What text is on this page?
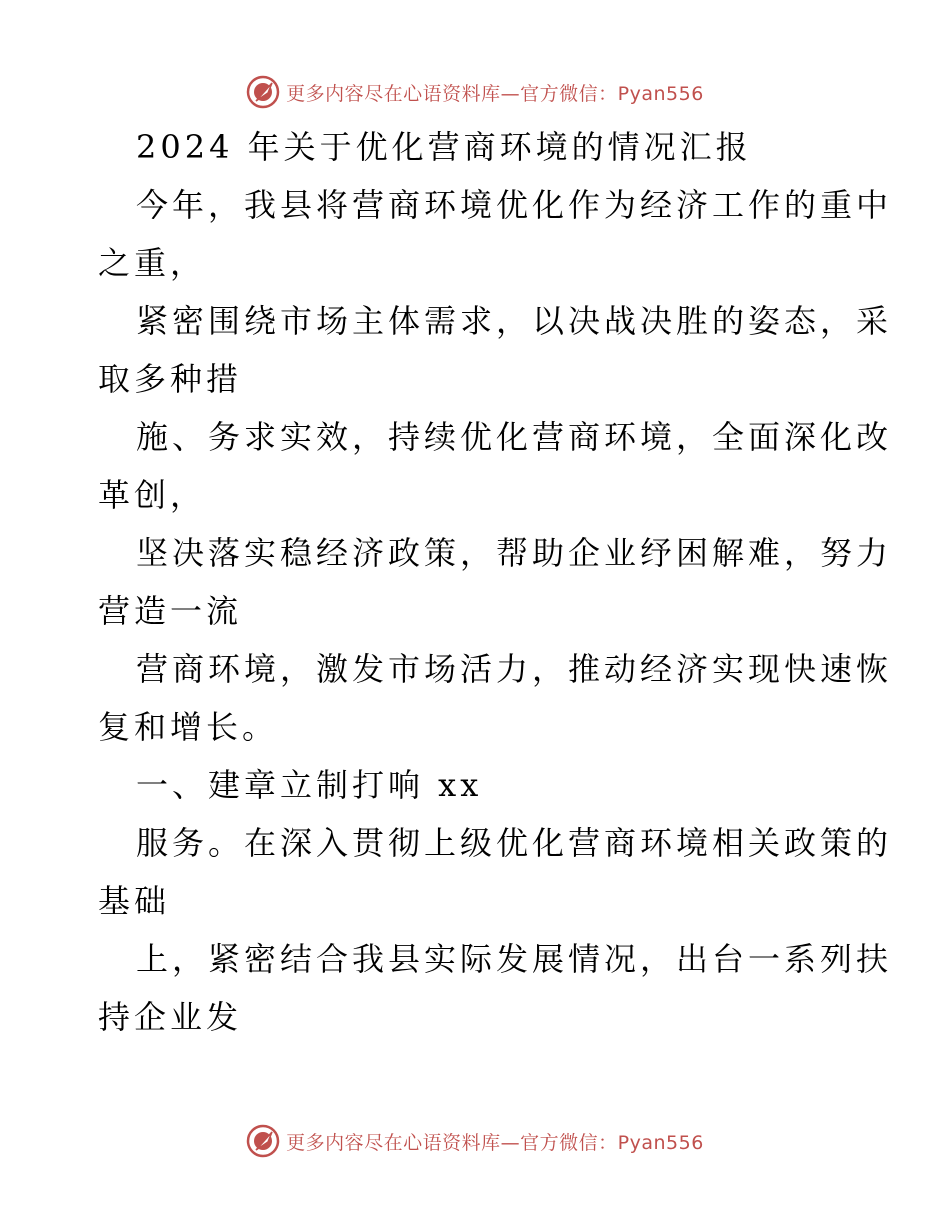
更多内容尽在心语资料库—官方微信：Pyan556
2024 年关于优化营商环境的情况汇报
今年，我县将营商环境优化作为经济工作的重中
之重，
紧密围绕市场主体需求，以决战决胜的姿态，采
取多种措
施、务求实效，持续优化营商环境，全面深化改
革创，
坚决落实稳经济政策，帮助企业纾困解难，努力
营造一流
营商环境，激发市场活力，推动经济实现快速恢
复和增长。
一、建章立制打响 xx
服务。在深入贯彻上级优化营商环境相关政策的
基础
上，紧密结合我县实际发展情况，出台一系列扶
持企业发
更多内容尽在心语资料库—官方微信：Pyan556
